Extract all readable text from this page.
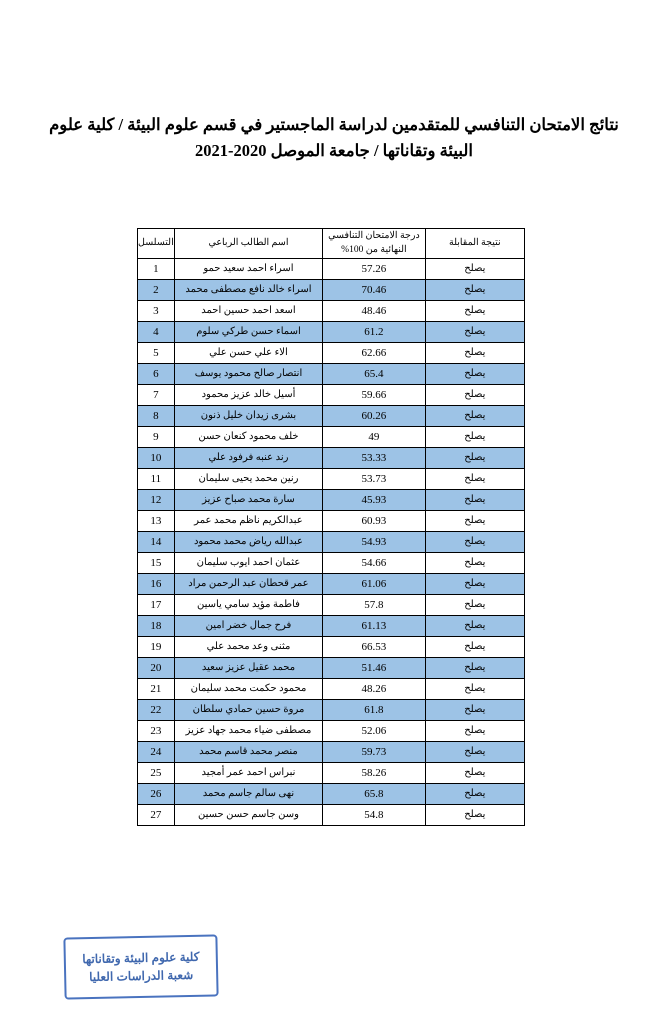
نتائج الامتحان التنافسي للمتقدمين لدراسة الماجستير في قسم علوم البيئة / كلية علوم
البيئة وتقاناتها / جامعة الموصل 2020-2021
نتيجة المقابلة	درجة الامتحان التنافسي النهائية من 100%	اسم الطالب الرباعي	التسلسل
يصلح	57.26	اسراء احمد سعيد حمو	1
يصلح	70.46	اسراء خالد نافع مصطفى محمد	2
يصلح	48.46	اسعد احمد حسين احمد	3
يصلح	61.2	اسماء حسن طركي سلوم	4
يصلح	62.66	الاء علي حسن علي	5
يصلح	65.4	انتصار صالح محمود يوسف	6
يصلح	59.66	أسيل خالد عزيز محمود	7
يصلح	60.26	بشرى زيدان خليل ذنون	8
يصلح	49	خلف محمود كنعان حسن	9
يصلح	53.33	رند عنبه فرفود علي	10
يصلح	53.73	رنين محمد يحيى سليمان	11
يصلح	45.93	سارة محمد صباح عزيز	12
يصلح	60.93	عبدالكريم ناظم محمد عمر	13
يصلح	54.93	عبدالله رياض محمد محمود	14
يصلح	54.66	عثمان احمد ايوب سليمان	15
يصلح	61.06	عمر قحطان عبد الرحمن مراد	16
يصلح	57.8	فاطمة مؤيد سامي ياسين	17
يصلح	61.13	فرح جمال خضر امين	18
يصلح	66.53	مثنى وعد محمد علي	19
يصلح	51.46	محمد عقيل عزيز سعيد	20
يصلح	48.26	محمود حكمت محمد سليمان	21
يصلح	61.8	مروة حسين حمادي سلطان	22
يصلح	52.06	مصطفى ضياء محمد جهاد عزيز	23
يصلح	59.73	منصر محمد قاسم محمد	24
يصلح	58.26	نبراس احمد عمر أمجيد	25
يصلح	65.8	نهى سالم جاسم محمد	26
يصلح	54.8	وسن جاسم حسن حسين	27
كلية علوم البيئة وتقاناتها
شعبة الدراسات العليا
